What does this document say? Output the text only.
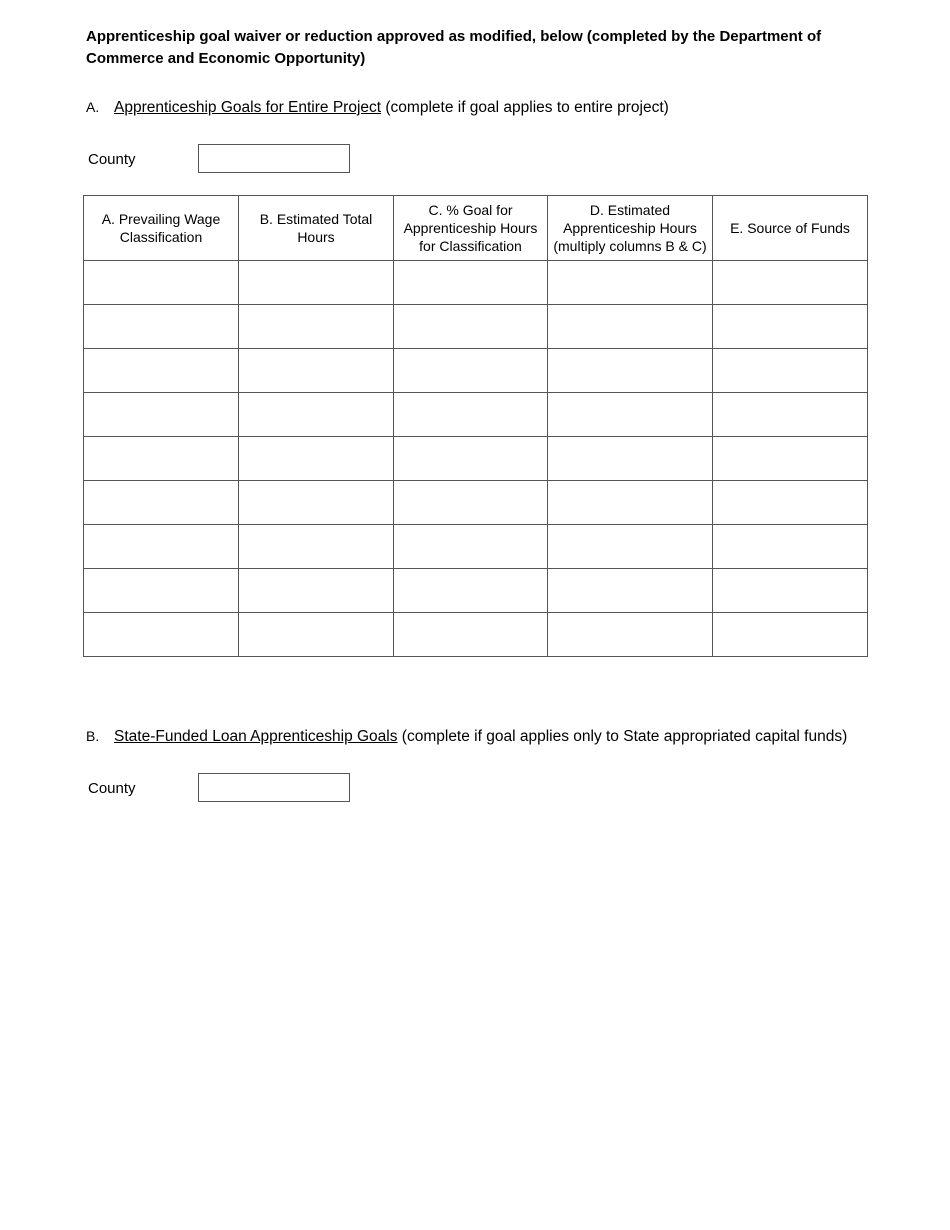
Apprenticeship goal waiver or reduction approved as modified, below (completed by the Department of Commerce and Economic Opportunity)
A. Apprenticeship Goals for Entire Project (complete if goal applies to entire project)
County
A. Prevailing Wage Classification	B. Estimated Total Hours	C. % Goal for Apprenticeship Hours for Classification	D. Estimated Apprenticeship Hours (multiply columns B & C)	E. Source of Funds

B. State-Funded Loan Apprenticeship Goals (complete if goal applies only to State appropriated capital funds)
County
